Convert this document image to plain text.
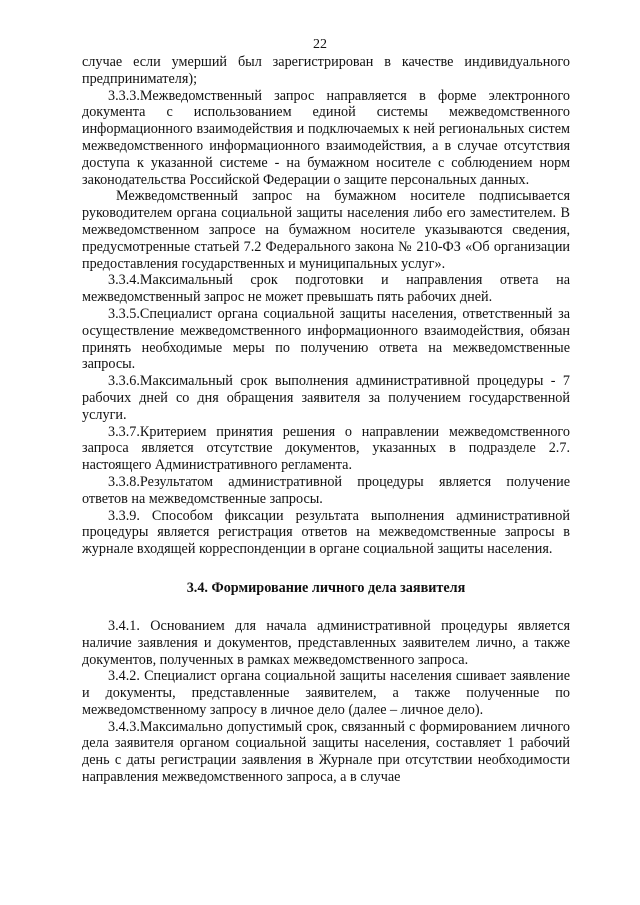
22

случае если умерший был зарегистрирован в качестве индивидуального предпринимателя);

3.3.3.Межведомственный запрос направляется в форме электронного документа с использованием единой системы межведомственного информационного взаимодействия и подключаемых к ней региональных систем межведомственного информационного взаимодействия, а в случае отсутствия доступа к указанной системе - на бумажном носителе с соблюдением норм законодательства Российской Федерации о защите персональных данных.

Межведомственный запрос на бумажном носителе подписывается руководителем органа социальной защиты населения либо его заместителем. В межведомственном запросе на бумажном носителе указываются сведения, предусмотренные статьей 7.2 Федерального закона № 210-ФЗ «Об организации предоставления государственных и муниципальных услуг».

3.3.4.Максимальный срок подготовки и направления ответа на межведомственный запрос не может превышать пять рабочих дней.

3.3.5.Специалист органа социальной защиты населения, ответственный за осуществление межведомственного информационного взаимодействия, обязан принять необходимые меры по получению ответа на межведомственные запросы.

3.3.6.Максимальный срок выполнения административной процедуры - 7 рабочих дней со дня обращения заявителя за получением государственной услуги.

3.3.7.Критерием принятия решения о направлении межведомственного запроса является отсутствие документов, указанных в подразделе 2.7. настоящего Административного регламента.

3.3.8.Результатом административной процедуры является получение ответов на межведомственные запросы.

3.3.9. Способом фиксации результата выполнения административной процедуры является регистрация ответов на межведомственные запросы в журнале входящей корреспонденции в органе социальной защиты населения.

3.4. Формирование личного дела заявителя

3.4.1. Основанием для начала административной процедуры является наличие заявления и документов, представленных заявителем лично, а также документов, полученных в рамках межведомственного запроса.

3.4.2. Специалист органа социальной защиты населения сшивает заявление и документы, представленные заявителем, а также полученные по межведомственному запросу в личное дело (далее – личное дело).

3.4.3.Максимально допустимый срок, связанный с формированием личного дела заявителя органом социальной защиты населения, составляет 1 рабочий день с даты регистрации заявления в Журнале при отсутствии необходимости направления межведомственного запроса, а в случае
